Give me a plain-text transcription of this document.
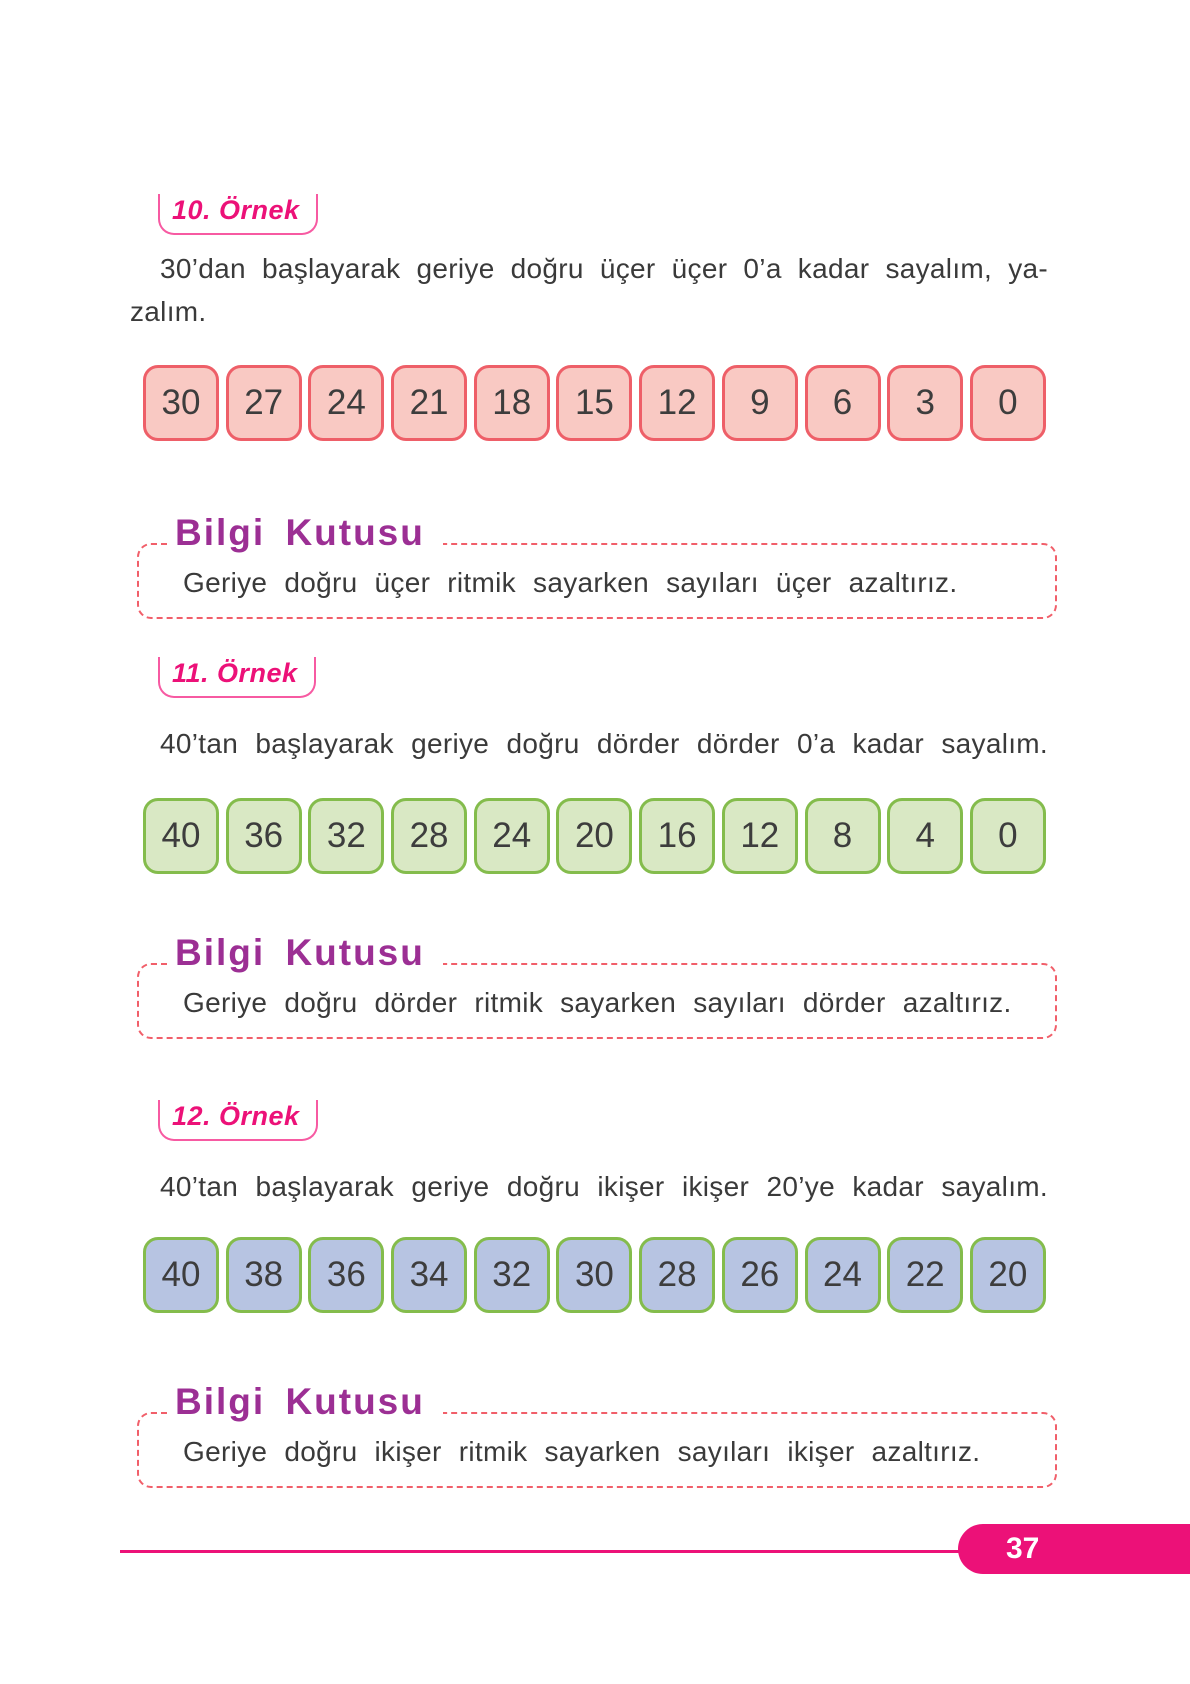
10. Örnek
30’dan başlayarak geriye doğru üçer üçer 0’a kadar sayalım, ya-
zalım.
30	27	24	21	18	15	12	9	6	3	0
Bilgi Kutusu
Geriye doğru üçer ritmik sayarken sayıları üçer azaltırız.
11. Örnek
40’tan başlayarak geriye doğru dörder dörder 0’a kadar sayalım.
40	36	32	28	24	20	16	12	8	4	0
Bilgi Kutusu
Geriye doğru dörder ritmik sayarken sayıları dörder azaltırız.
12. Örnek
40’tan başlayarak geriye doğru ikişer ikişer 20’ye kadar sayalım.
40	38	36	34	32	30	28	26	24	22	20
Bilgi Kutusu
Geriye doğru ikişer ritmik sayarken sayıları ikişer azaltırız.
37
